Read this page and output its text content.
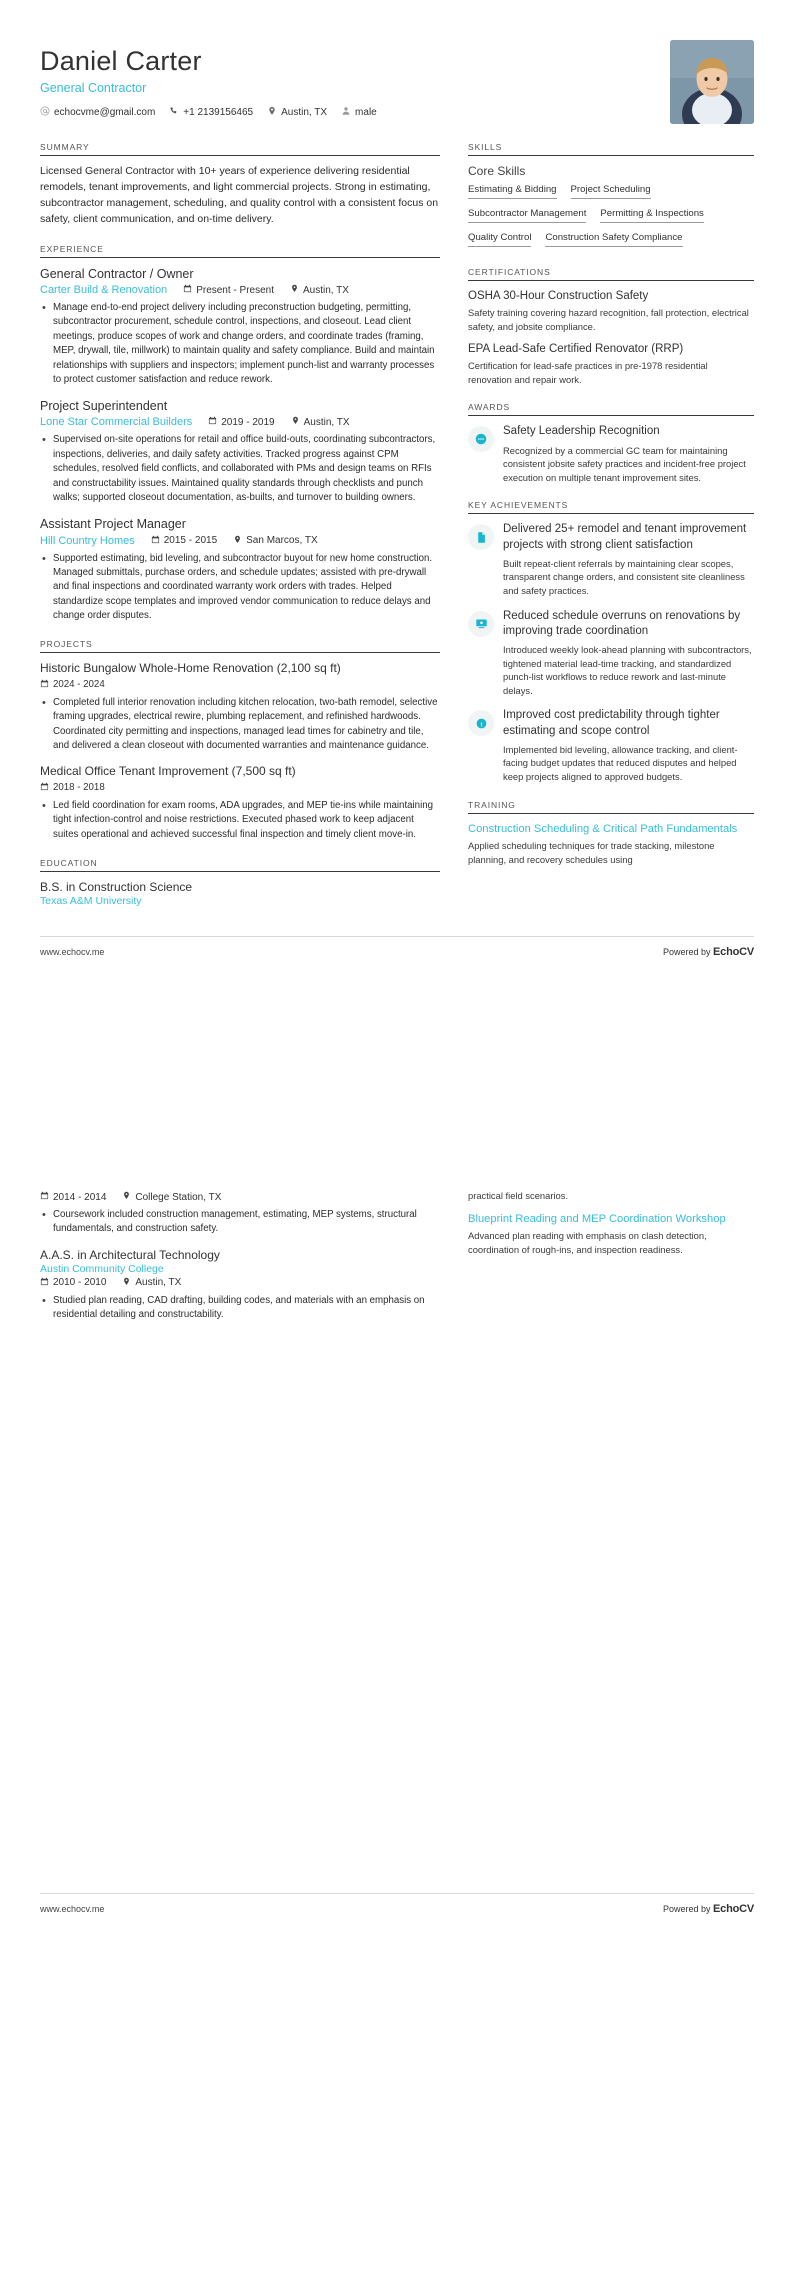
Daniel Carter
General Contractor
echocvme@gmail.com	+1 2139156465	Austin, TX	male
SUMMARY
Licensed General Contractor with 10+ years of experience delivering residential remodels, tenant improvements, and light commercial projects. Strong in estimating, subcontractor management, scheduling, and quality control with a consistent focus on safety, client communication, and on-time delivery.
EXPERIENCE
General Contractor / Owner
Carter Build & Renovation	Present - Present	Austin, TX
• Manage end-to-end project delivery including preconstruction budgeting, permitting, subcontractor procurement, schedule control, inspections, and closeout. Lead client meetings, produce scopes of work and change orders, and coordinate trades (framing, MEP, drywall, tile, millwork) to maintain quality and safety compliance. Build and maintain relationships with suppliers and inspectors; implement punch-list and warranty processes to protect customer satisfaction and reduce rework.
Project Superintendent
Lone Star Commercial Builders	2019 - 2019	Austin, TX
• Supervised on-site operations for retail and office build-outs, coordinating subcontractors, inspections, deliveries, and daily safety activities. Tracked progress against CPM schedules, resolved field conflicts, and collaborated with PMs and design teams on RFIs and constructability issues. Maintained quality standards through checklists and punch walks; supported closeout documentation, as-builts, and turnover to building owners.
Assistant Project Manager
Hill Country Homes	2015 - 2015	San Marcos, TX
• Supported estimating, bid leveling, and subcontractor buyout for new home construction. Managed submittals, purchase orders, and schedule updates; assisted with pre-drywall and final inspections and coordinated warranty work orders with trades. Helped standardize scope templates and improved vendor communication to reduce delays and change order disputes.
PROJECTS
Historic Bungalow Whole-Home Renovation (2,100 sq ft)
2024 - 2024
• Completed full interior renovation including kitchen relocation, two-bath remodel, selective framing upgrades, electrical rewire, plumbing replacement, and refinished hardwoods. Coordinated city permitting and inspections, managed lead times for cabinetry and tile, and delivered a clean closeout with documented warranties and maintenance guidance.
Medical Office Tenant Improvement (7,500 sq ft)
2018 - 2018
• Led field coordination for exam rooms, ADA upgrades, and MEP tie-ins while maintaining tight infection-control and noise restrictions. Executed phased work to keep adjacent suites operational and achieved successful final inspection and timely client move-in.
EDUCATION
B.S. in Construction Science
Texas A&M University
SKILLS
Core Skills
Estimating & Bidding Project Scheduling
Subcontractor Management Permitting & Inspections
Quality Control Construction Safety Compliance
CERTIFICATIONS
OSHA 30-Hour Construction Safety
Safety training covering hazard recognition, fall protection, electrical safety, and jobsite compliance.
EPA Lead-Safe Certified Renovator (RRP)
Certification for lead-safe practices in pre-1978 residential renovation and repair work.
AWARDS
Safety Leadership Recognition
Recognized by a commercial GC team for maintaining consistent jobsite safety practices and incident-free project execution on multiple tenant improvement sites.
KEY ACHIEVEMENTS
Delivered 25+ remodel and tenant improvement projects with strong client satisfaction
Built repeat-client referrals by maintaining clear scopes, transparent change orders, and consistent site cleanliness and safety practices.
Reduced schedule overruns on renovations by improving trade coordination
Introduced weekly look-ahead planning with subcontractors, tightened material lead-time tracking, and standardized punch-list workflows to reduce rework and last-minute delays.
t
Improved cost predictability through tighter estimating and scope control
Implemented bid leveling, allowance tracking, and client-facing budget updates that reduced disputes and helped keep projects aligned to approved budgets.
TRAINING
Construction Scheduling & Critical Path Fundamentals
Applied scheduling techniques for trade stacking, milestone planning, and recovery schedules using
www.echocv.me	Powered by EchoCV
2014 - 2014	College Station, TX
• Coursework included construction management, estimating, MEP systems, structural fundamentals, and construction safety.
A.A.S. in Architectural Technology
Austin Community College
2010 - 2010	Austin, TX
• Studied plan reading, CAD drafting, building codes, and materials with an emphasis on residential detailing and constructability.
practical field scenarios.
Blueprint Reading and MEP Coordination Workshop
Advanced plan reading with emphasis on clash detection, coordination of rough-ins, and inspection readiness.
www.echocv.me	Powered by EchoCV
